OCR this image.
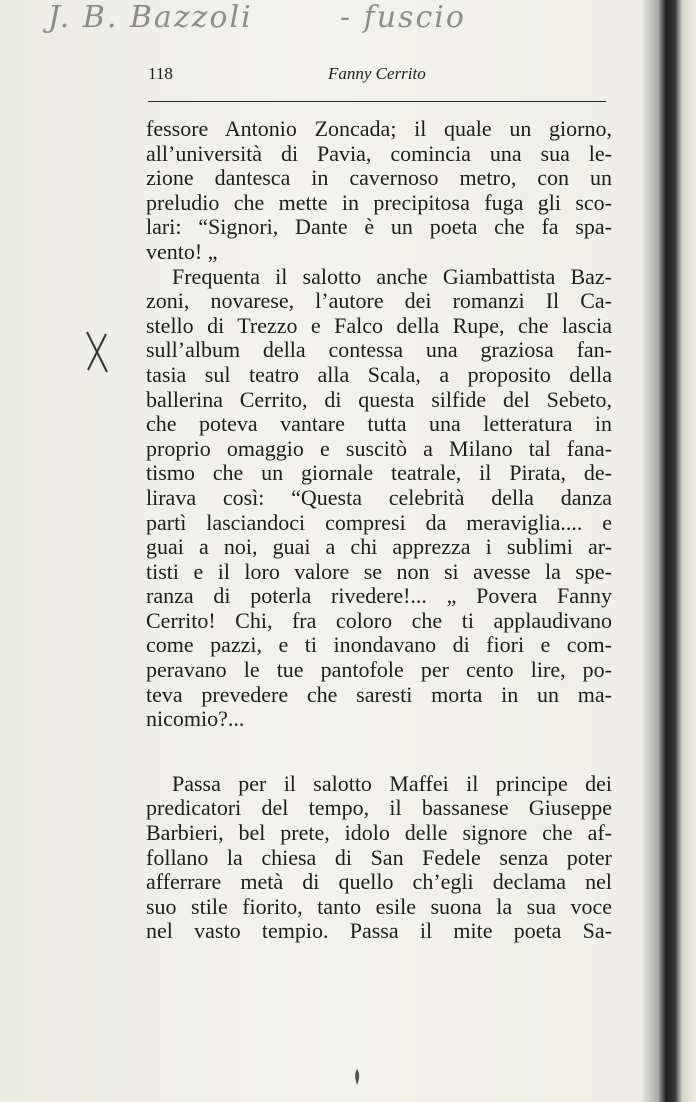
J. B. Bazzoli	- fuscio
118	Fanny Cerrito
fessore Antonio Zoncada; il quale un giorno,
all’università di Pavia, comincia una sua le-
zione dantesca in cavernoso metro, con un
preludio che mette in precipitosa fuga gli sco-
lari: “Signori, Dante è un poeta che fa spa-
vento! „
Frequenta il salotto anche Giambattista Baz-
zoni, novarese, l’autore dei romanzi Il Ca-
stello di Trezzo e Falco della Rupe, che lascia
sull’album della contessa una graziosa fan-
tasia sul teatro alla Scala, a proposito della
ballerina Cerrito, di questa silfide del Sebeto,
che poteva vantare tutta una letteratura in
proprio omaggio e suscitò a Milano tal fana-
tismo che un giornale teatrale, il Pirata, de-
lirava così: “Questa celebrità della danza
partì lasciandoci compresi da meraviglia.... e
guai a noi, guai a chi apprezza i sublimi ar-
tisti e il loro valore se non si avesse la spe-
ranza di poterla rivedere!... „ Povera Fanny
Cerrito! Chi, fra coloro che ti applaudivano
come pazzi, e ti inondavano di fiori e com-
peravano le tue pantofole per cento lire, po-
teva prevedere che saresti morta in un ma-
nicomio?...
Passa per il salotto Maffei il principe dei
predicatori del tempo, il bassanese Giuseppe
Barbieri, bel prete, idolo delle signore che af-
follano la chiesa di San Fedele senza poter
afferrare metà di quello ch’egli declama nel
suo stile fiorito, tanto esile suona la sua voce
nel vasto tempio. Passa il mite poeta Sa-
